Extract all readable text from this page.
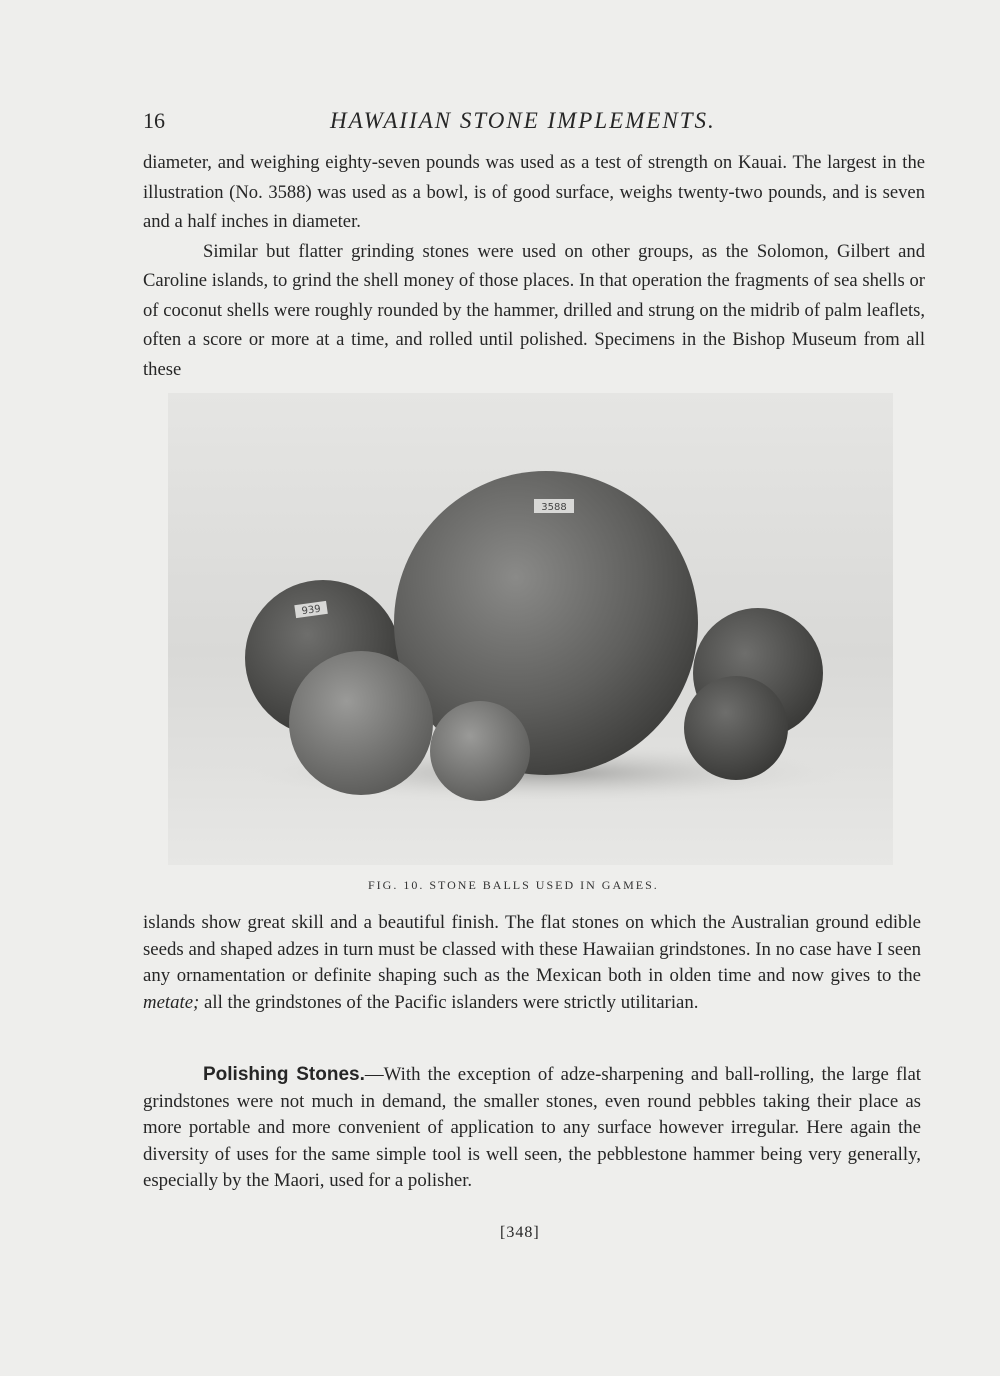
16	HAWAIIAN STONE IMPLEMENTS.

diameter, and weighing eighty-seven pounds was used as a test of strength on Kauai. The largest in the illustration (No. 3588) was used as a bowl, is of good surface, weighs twenty-two pounds, and is seven and a half inches in diameter.

Similar but flatter grinding stones were used on other groups, as the Solomon, Gilbert and Caroline islands, to grind the shell money of those places. In that operation the fragments of sea shells or of coconut shells were roughly rounded by the hammer, drilled and strung on the midrib of palm leaflets, often a score or more at a time, and rolled until polished. Specimens in the Bishop Museum from all these

3588
939
FIG. 10. STONE BALLS USED IN GAMES.

islands show great skill and a beautiful finish. The flat stones on which the Australian ground edible seeds and shaped adzes in turn must be classed with these Hawaiian grindstones. In no case have I seen any ornamentation or definite shaping such as the Mexican both in olden time and now gives to the metate; all the grindstones of the Pacific islanders were strictly utilitarian.

Polishing Stones.—With the exception of adze-sharpening and ball-rolling, the large flat grindstones were not much in demand, the smaller stones, even round pebbles taking their place as more portable and more convenient of application to any surface however irregular. Here again the diversity of uses for the same simple tool is well seen, the pebblestone hammer being very generally, especially by the Maori, used for a polisher.

[348]
